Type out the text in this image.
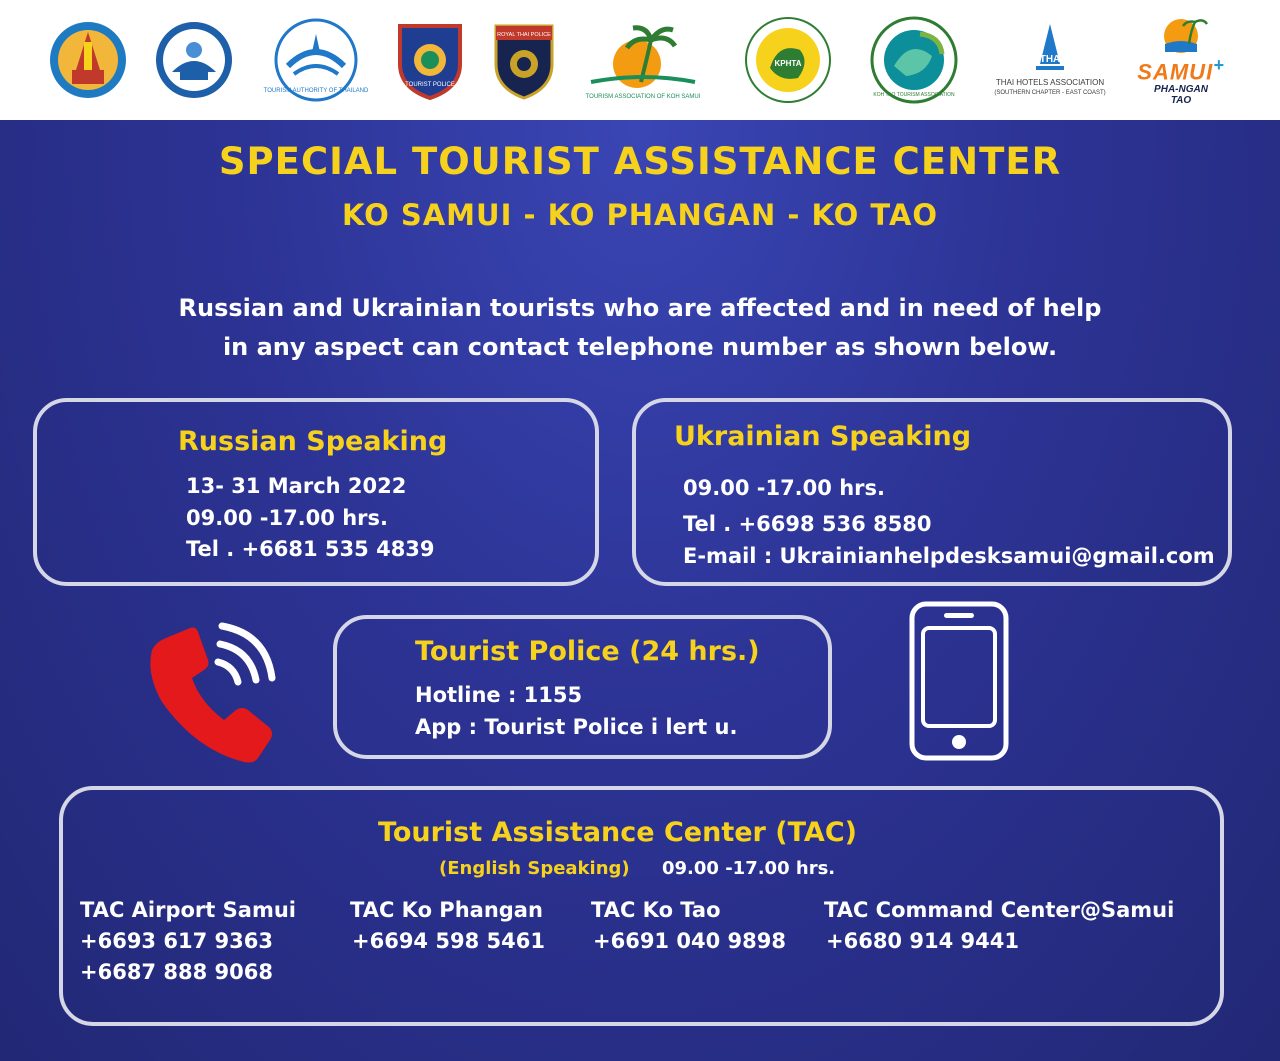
TOURISM AUTHORITY OF THAILAND
TOURIST POLICE
ROYAL THAI POLICE
TOURISM ASSOCIATION OF KOH SAMUI
KPHTA
KOH TAO TOURISM ASSOCIATION
THA
THAI HOTELS ASSOCIATION
(SOUTHERN CHAPTER - EAST COAST)
SAMUI+
PHA-NGAN
TAO
SPECIAL TOURIST ASSISTANCE CENTER
KO SAMUI - KO PHANGAN - KO TAO
Russian and Ukrainian tourists who are affected and in need of help
in any aspect can contact telephone number as shown below.
Russian Speaking
13- 31 March 2022
09.00 -17.00 hrs.
Tel . +6681 535 4839
Ukrainian Speaking
09.00 -17.00 hrs.
Tel . +6698 536 8580
E-mail : Ukrainianhelpdesksamui@gmail.com
Tourist Police (24 hrs.)
Hotline : 1155
App : Tourist Police i lert u.
Tourist Assistance Center (TAC)
(English Speaking) 09.00 -17.00 hrs.
TAC Airport Samui
+6693 617 9363
+6687 888 9068
TAC Ko Phangan
+6694 598 5461
TAC Ko Tao
+6691 040 9898
TAC Command Center@Samui
+6680 914 9441
